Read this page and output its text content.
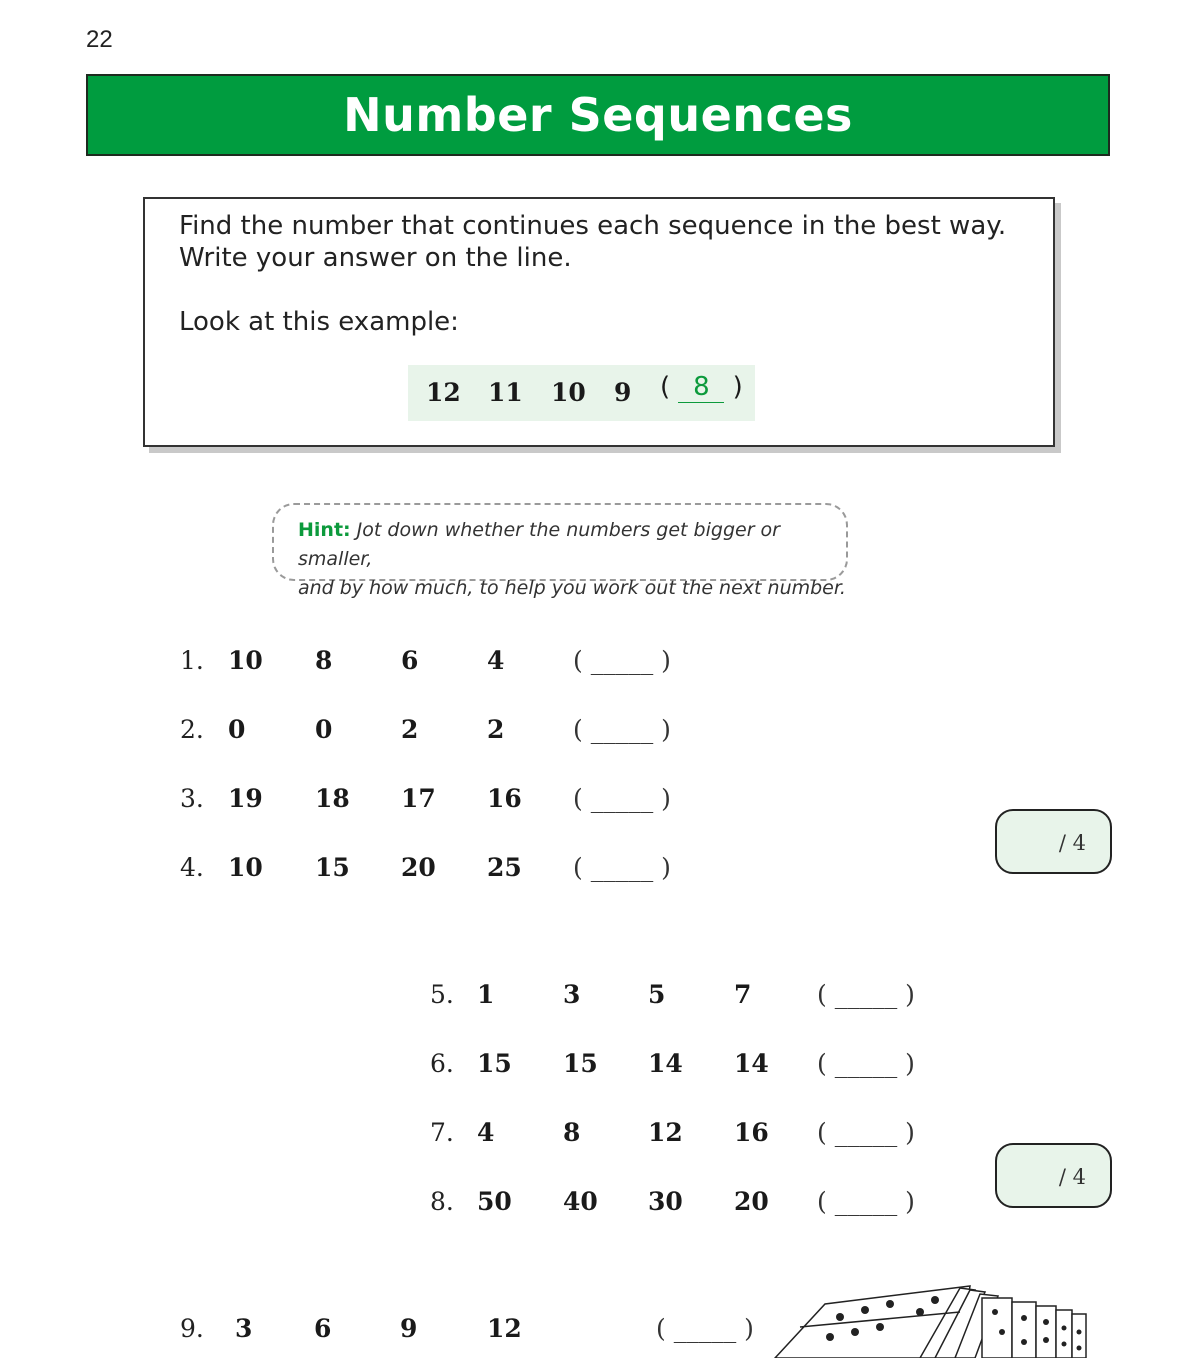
22
Number Sequences
Find the number that continues each sequence in the best way.
Write your answer on the line.
Look at this example:
12 11 10 9 ( 8 )
Hint: Jot down whether the numbers get bigger or smaller,
and by how much, to help you work out the next number.
1. 10 8	6	4	( _____ )
2. 0	0	2	2	( _____ )
3. 19 18 17 16 ( _____ )
4. 10 15 20 25 ( _____ )
5. 1	3	5	7	( _____ )
6. 15 15 14 14 ( _____ )
7. 4	8	12 16 ( _____ )
8. 50 40 30 20 ( _____ )
9. 3 6	9	12	( _____ )
/ 4
/ 4
